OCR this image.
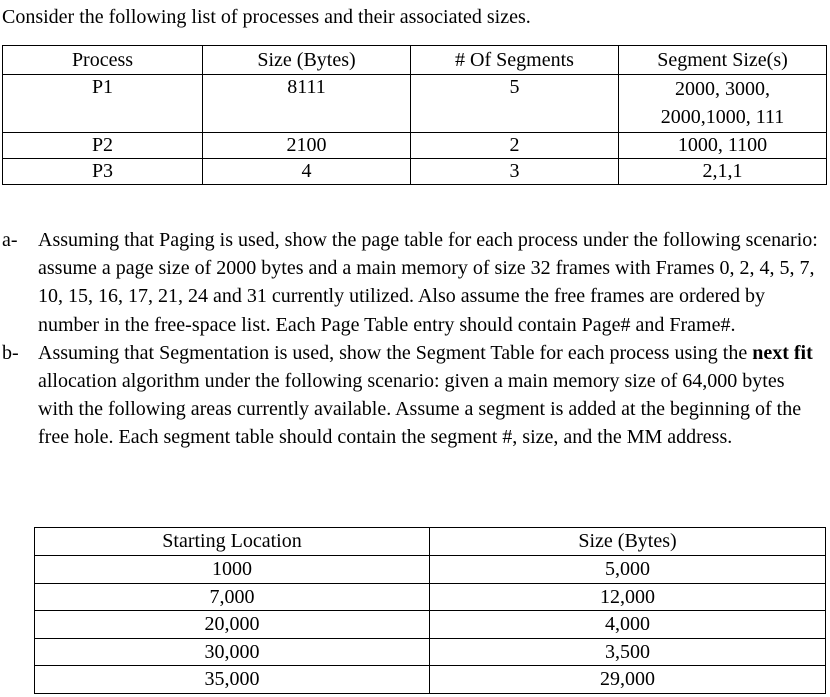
Consider the following list of processes and their associated sizes.
Process	Size (Bytes)	# Of Segments	Segment Size(s)
P1	8111	5	2000, 3000,
2000,1000, 111

P2	2100	2	1000, 1100
P3	4	3	2,1,1
a-	Assuming that Paging is used, show the page table for each process under the following scenario: assume a page size of 2000 bytes and a main memory of size 32 frames with Frames 0, 2, 4, 5, 7, 10, 15, 16, 17, 21, 24 and 31 currently utilized. Also assume the free frames are ordered by number in the free-space list. Each Page Table entry should contain Page# and Frame#.
b- Assuming that Segmentation is used, show the Segment Table for each process using the next fit allocation algorithm under the following scenario: given a main memory size of 64,000 bytes with the following areas currently available. Assume a segment is added at the beginning of the free hole. Each segment table should contain the segment #, size, and the MM address.
Starting Location	Size (Bytes)
1000	5,000
7,000	12,000
20,000	4,000
30,000	3,500
35,000	29,000
